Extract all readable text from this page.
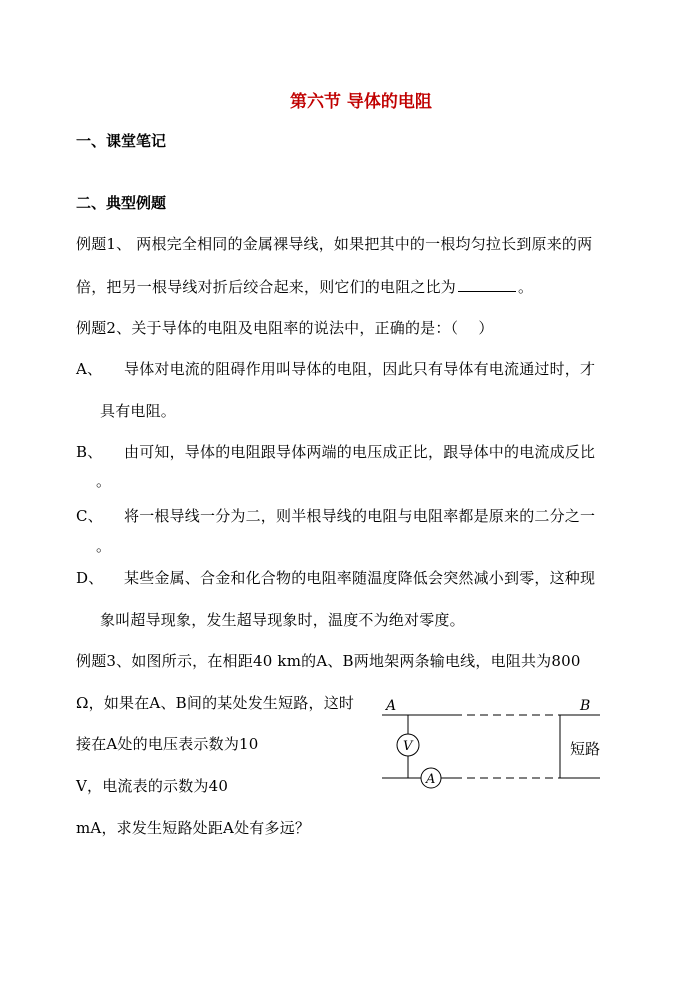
第六节 导体的电阻
一、课堂笔记
二、典型例题
例题1、 两根完全相同的金属裸导线，如果把其中的一根均匀拉长到原来的两
倍，把另一根导线对折后绞合起来，则它们的电阻之比为	。
例题2、关于导体的电阻及电阻率的说法中，正确的是：（　 ）
A、 导体对电流的阻碍作用叫导体的电阻，因此只有导体有电流通过时，才
具有电阻。
B、 由可知，导体的电阻跟导体两端的电压成正比，跟导体中的电流成反比
。
C、 将一根导线一分为二，则半根导线的电阻与电阻率都是原来的二分之一
。
D、 某些金属、合金和化合物的电阻率随温度降低会突然减小到零，这种现
象叫超导现象，发生超导现象时，温度不为绝对零度。
例题3、如图所示，在相距40 km的A、B两地架两条输电线，电阻共为800
Ω，如果在A、B间的某处发生短路，这时
接在A处的电压表示数为10
V，电流表的示数为40
mA，求发生短路处距A处有多远？
A	B
V
A
短路
